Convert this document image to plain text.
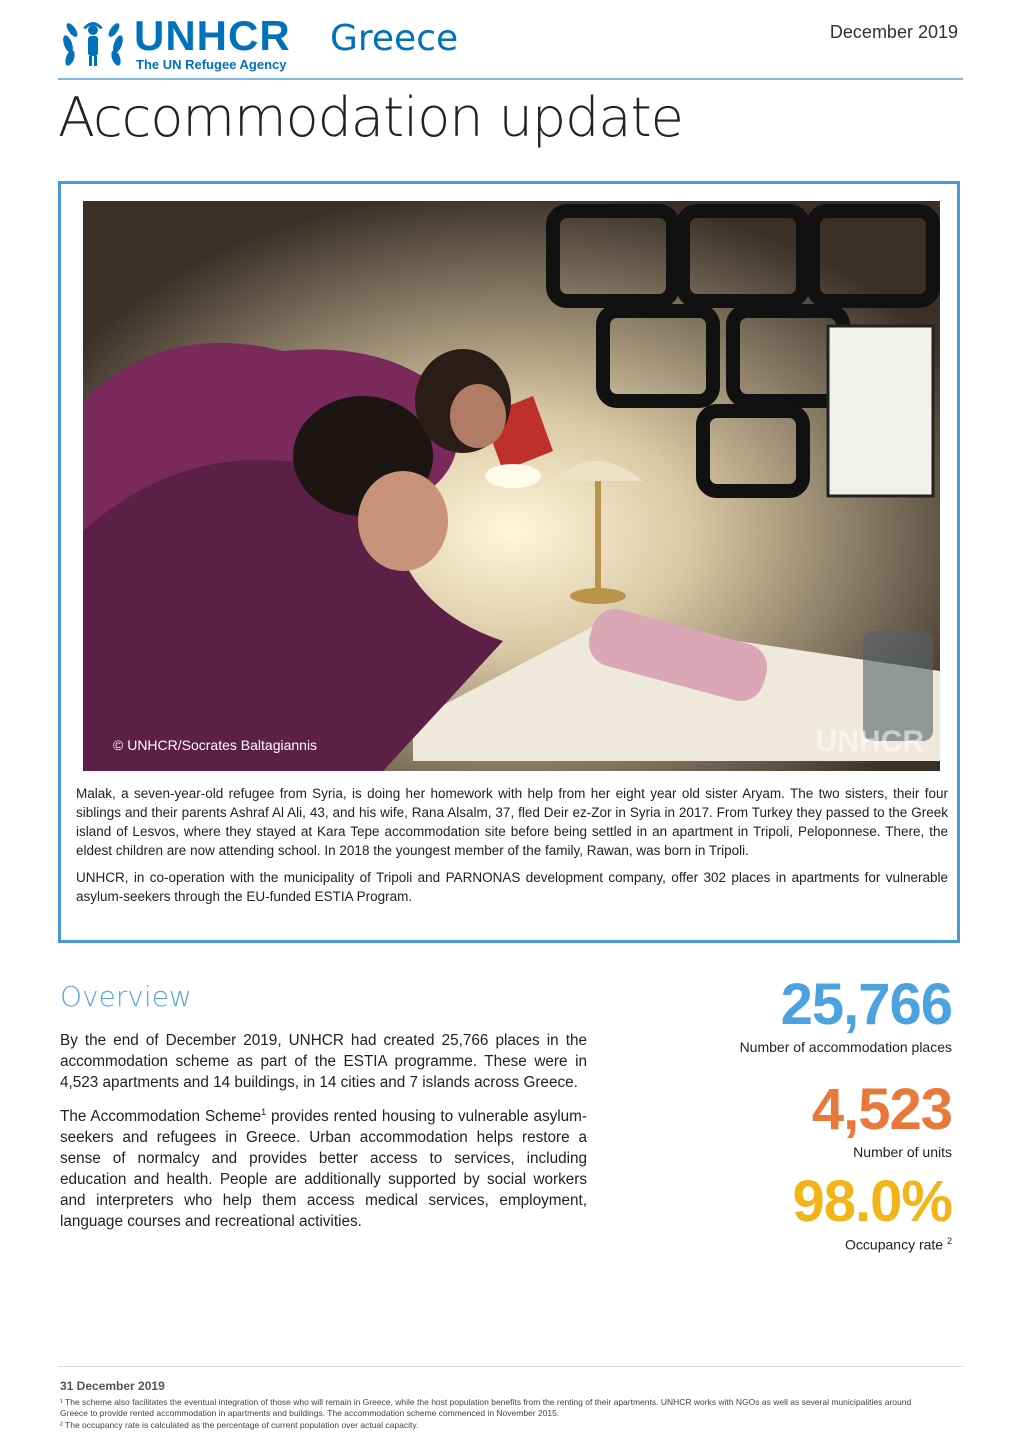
UNHCR
The UN Refugee Agency
Greece	December 2019
Accommodation update
© UNHCR/Socrates Baltagiannis	UNHCR

Malak, a seven-year-old refugee from Syria, is doing her homework with help from her eight year old sister Aryam. The two sisters, their four siblings and their parents Ashraf Al Ali, 43, and his wife, Rana Alsalm, 37, fled Deir ez-Zor in Syria in 2017. From Turkey they passed to the Greek island of Lesvos, where they stayed at Kara Tepe accommodation site before being settled in an apartment in Tripoli, Peloponnese. There, the eldest children are now attending school. In 2018 the youngest member of the family, Rawan, was born in Tripoli.

UNHCR, in co-operation with the municipality of Tripoli and PARNONAS development company, offer 302 places in apartments for vulnerable asylum-seekers through the EU-funded ESTIA Program.

Overview

By the end of December 2019, UNHCR had created 25,766 places in the accommodation scheme as part of the ESTIA programme. These were in 4,523 apartments and 14 buildings, in 14 cities and 7 islands across Greece.

The Accommodation Scheme$^1$ provides rented housing to vulnerable asylum-seekers and refugees in Greece. Urban accommodation helps restore a sense of normalcy and provides better access to services, including education and health. People are additionally supported by social workers and interpreters who help them access medical services, employment, language courses and recreational activities.

25,766
Number of accommodation places
4,523
Number of units
98.0%
Occupancy rate $^2$
31 December 2019
¹ The scheme also facilitates the eventual integration of those who will remain in Greece, while the host population benefits from the renting of their apartments. UNHCR works with NGOs as well as several municipalities around Greece to provide rented accommodation in apartments and buildings. The accommodation scheme commenced in November 2015.
² The occupancy rate is calculated as the percentage of current population over actual capacity.
